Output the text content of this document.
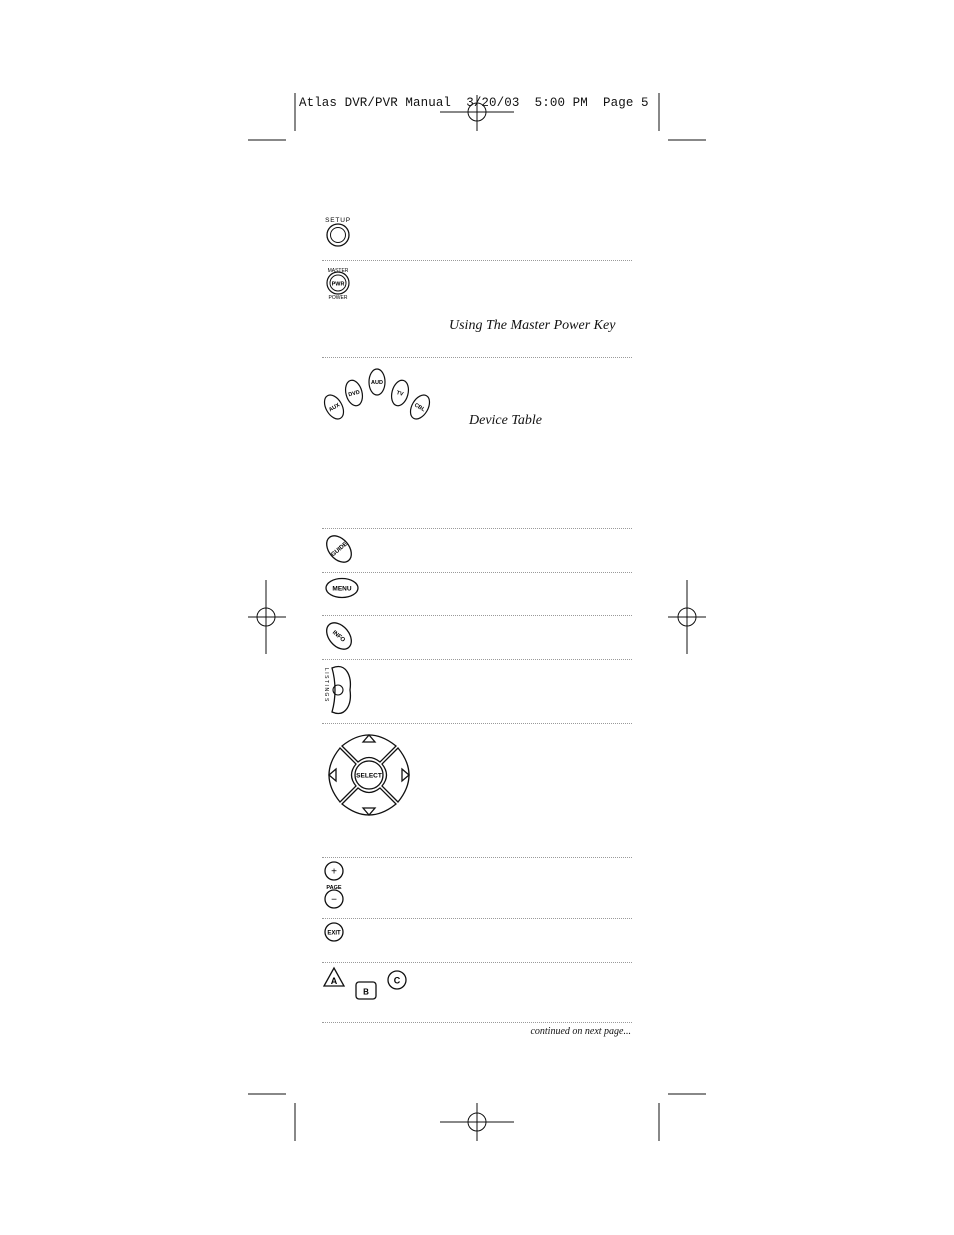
Atlas DVR/PVR Manual  3/20/03  5:00 PM  Page 5
SETUP
MASTER
PWR
POWER
Using The Master Power Key
AUX
DVD
AUD
TV
CBL
Device Table
GUIDE
MENU
INFO
LISTINGS
SELECT
+
PAGE
−
EXIT
A
B
C
continued on next page...
